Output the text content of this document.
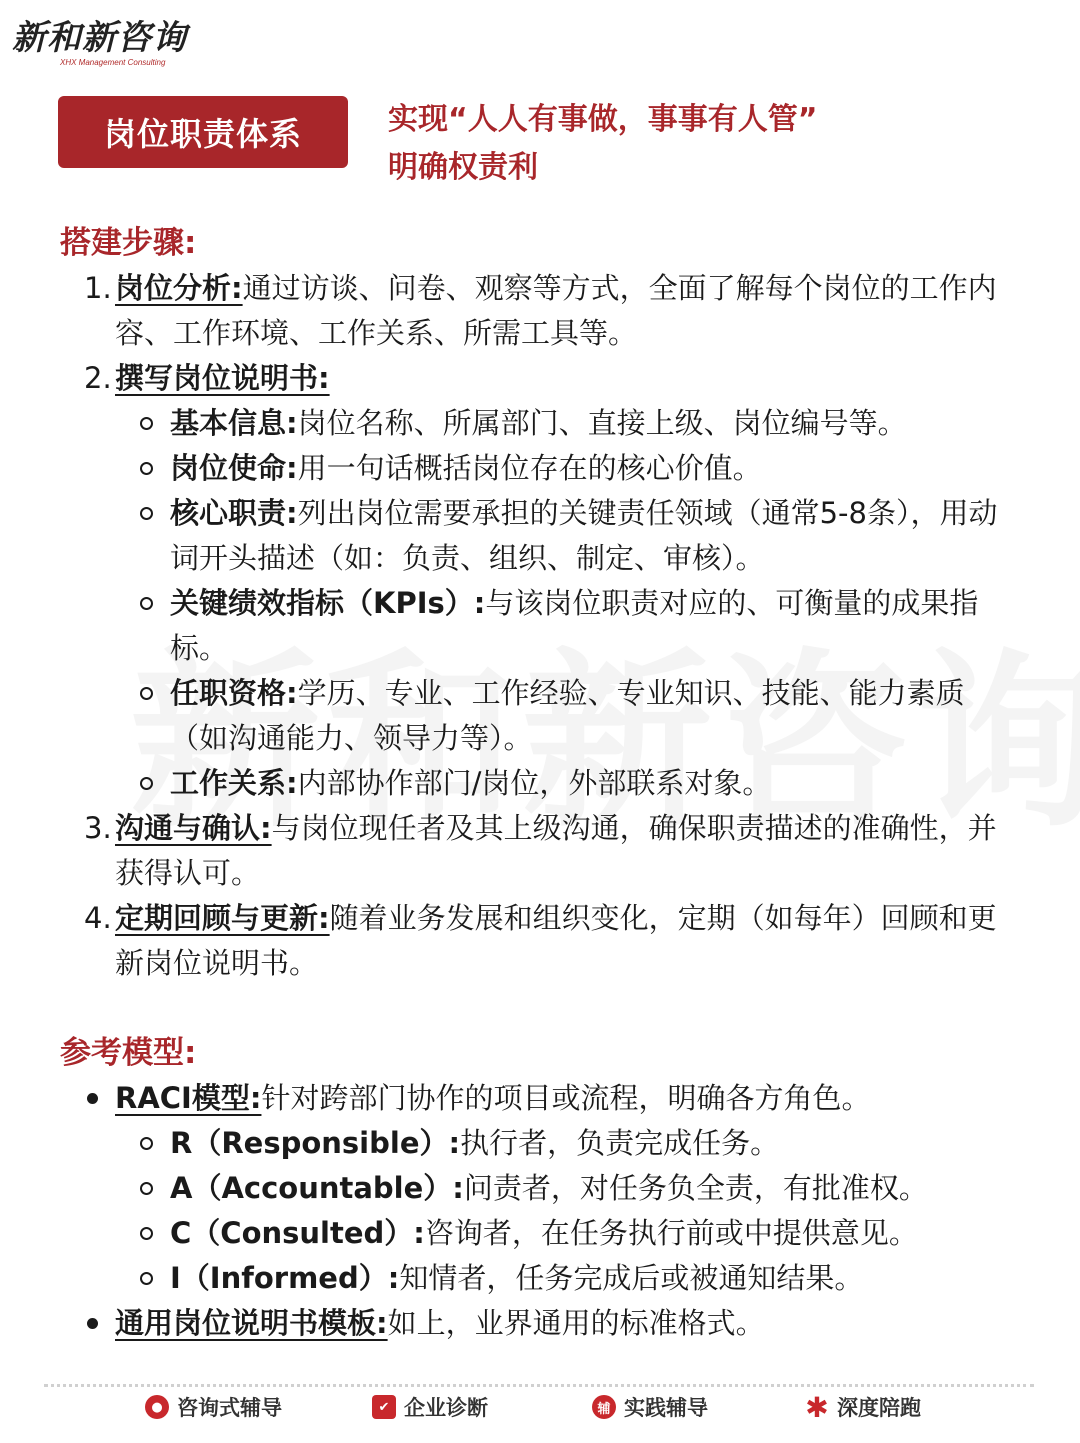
新和新咨询
XHX Management Consulting
岗位职责体系	实现“人人有事做，事事有人管”
明确权责利
搭建步骤:
1. 岗位分析:通过访谈、问卷、观察等方式，全面了解每个岗位的工作内容、工作环境、工作关系、所需工具等。
2. 撰写岗位说明书:
基本信息:岗位名称、所属部门、直接上级、岗位编号等。
岗位使命:用一句话概括岗位存在的核心价值。
核心职责:列出岗位需要承担的关键责任领域（通常5-8条），用动词开头描述（如：负责、组织、制定、审核）。
关键绩效指标（KPIs）:与该岗位职责对应的、可衡量的成果指标。
任职资格:学历、专业、工作经验、专业知识、技能、能力素质（如沟通能力、领导力等）。
工作关系:内部协作部门/岗位，外部联系对象。
3. 沟通与确认:与岗位现任者及其上级沟通，确保职责描述的准确性，并获得认可。
4. 定期回顾与更新:随着业务发展和组织变化，定期（如每年）回顾和更新岗位说明书。
参考模型:
RACI模型:针对跨部门协作的项目或流程，明确各方角色。
R（Responsible）:执行者，负责完成任务。
A（Accountable）:问责者，对任务负全责，有批准权。
C（Consulted）:咨询者，在任务执行前或中提供意见。
I（Informed）:知情者，任务完成后或被通知结果。
通用岗位说明书模板:如上，业界通用的标准格式。
● 咨询式辅导	✔ 企业诊断	辅 实践辅导	✱ 深度陪跑
